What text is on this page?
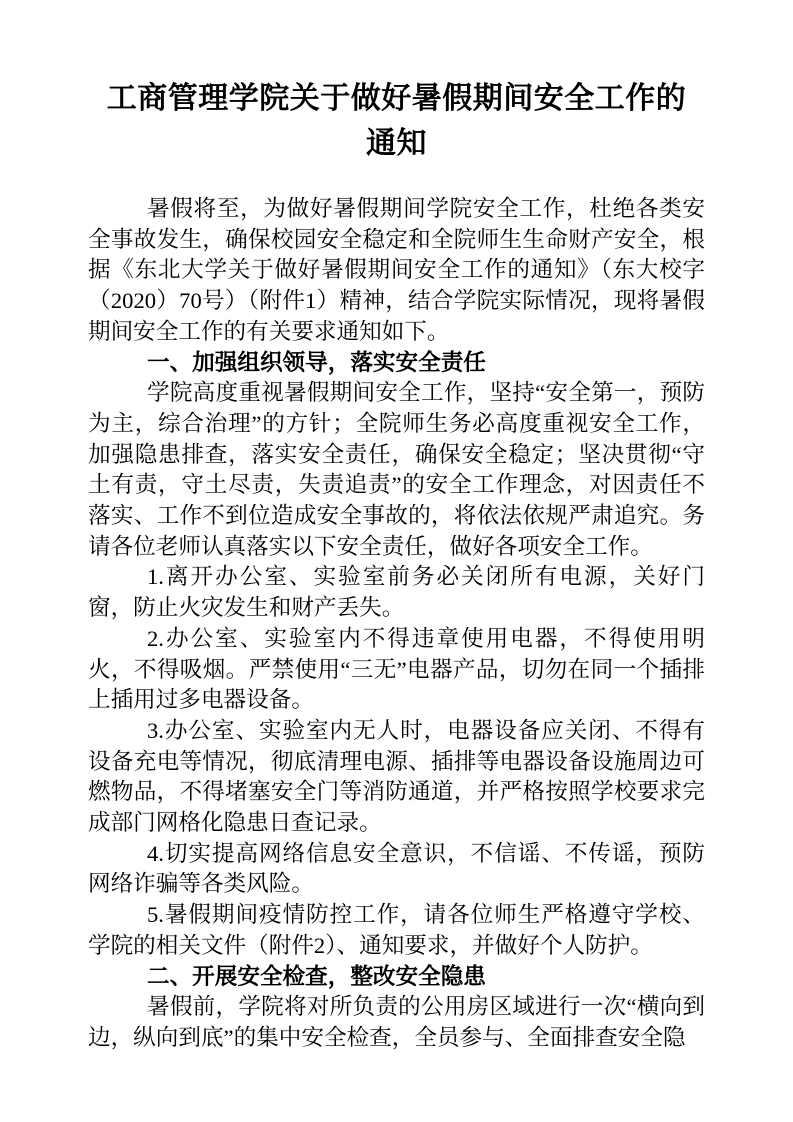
工商管理学院关于做好暑假期间安全工作的
通知

暑假将至，为做好暑假期间学院安全工作，杜绝各类安全事故发生，确保校园安全稳定和全院师生生命财产安全，根据《东北大学关于做好暑假期间安全工作的通知》（东大校字（2020）70号）（附件1）精神，结合学院实际情况，现将暑假期间安全工作的有关要求通知如下。

一、加强组织领导，落实安全责任

学院高度重视暑假期间安全工作，坚持“安全第一，预防为主，综合治理”的方针；全院师生务必高度重视安全工作，加强隐患排查，落实安全责任，确保安全稳定；坚决贯彻“守土有责，守土尽责，失责追责”的安全工作理念，对因责任不落实、工作不到位造成安全事故的，将依法依规严肃追究。务请各位老师认真落实以下安全责任，做好各项安全工作。

1.离开办公室、实验室前务必关闭所有电源，关好门窗，防止火灾发生和财产丢失。

2.办公室、实验室内不得违章使用电器，不得使用明火，不得吸烟。严禁使用“三无”电器产品，切勿在同一个插排上插用过多电器设备。

3.办公室、实验室内无人时，电器设备应关闭、不得有设备充电等情况，彻底清理电源、插排等电器设备设施周边可燃物品，不得堵塞安全门等消防通道，并严格按照学校要求完成部门网格化隐患日查记录。

4.切实提高网络信息安全意识，不信谣、不传谣，预防网络诈骗等各类风险。

5.暑假期间疫情防控工作，请各位师生严格遵守学校、学院的相关文件（附件2）、通知要求，并做好个人防护。

二、开展安全检查，整改安全隐患

暑假前，学院将对所负责的公用房区域进行一次“横向到边，纵向到底”的集中安全检查，全员参与、全面排查安全隐
